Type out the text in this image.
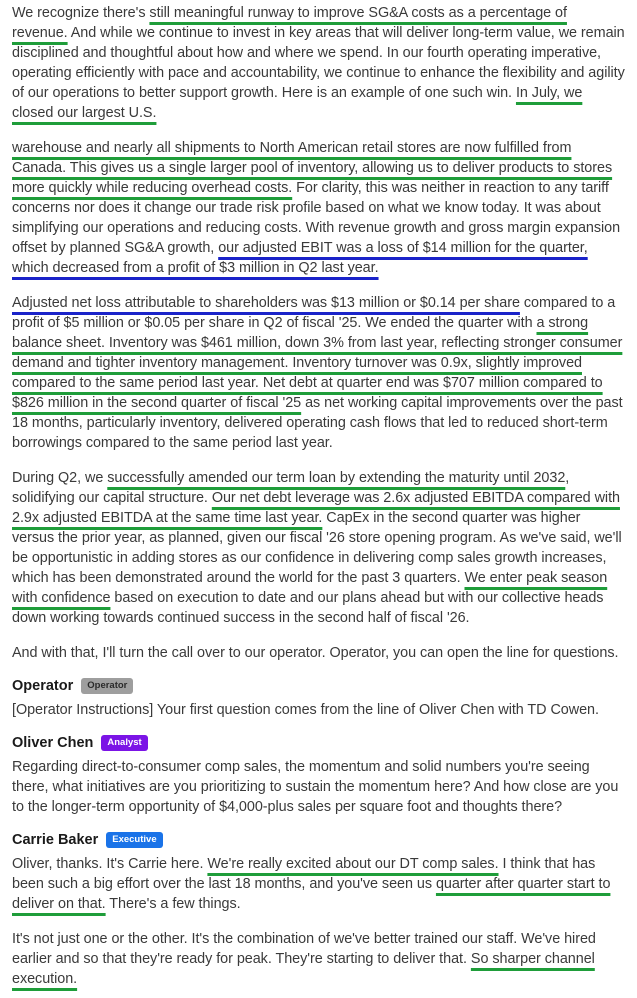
We recognize there's still meaningful runway to improve SG&A costs as a percentage of revenue. And while we continue to invest in key areas that will deliver long-term value, we remain disciplined and thoughtful about how and where we spend. In our fourth operating imperative, operating efficiently with pace and accountability, we continue to enhance the flexibility and agility of our operations to better support growth. Here is an example of one such win. In July, we closed our largest U.S.

warehouse and nearly all shipments to North American retail stores are now fulfilled from Canada. This gives us a single larger pool of inventory, allowing us to deliver products to stores more quickly while reducing overhead costs. For clarity, this was neither in reaction to any tariff concerns nor does it change our trade risk profile based on what we know today. It was about simplifying our operations and reducing costs. With revenue growth and gross margin expansion offset by planned SG&A growth, our adjusted EBIT was a loss of $14 million for the quarter, which decreased from a profit of $3 million in Q2 last year.

Adjusted net loss attributable to shareholders was $13 million or $0.14 per share compared to a profit of $5 million or $0.05 per share in Q2 of fiscal '25. We ended the quarter with a strong balance sheet. Inventory was $461 million, down 3% from last year, reflecting stronger consumer demand and tighter inventory management. Inventory turnover was 0.9x, slightly improved compared to the same period last year. Net debt at quarter end was $707 million compared to $826 million in the second quarter of fiscal '25 as net working capital improvements over the past 18 months, particularly inventory, delivered operating cash flows that led to reduced short-term borrowings compared to the same period last year.

During Q2, we successfully amended our term loan by extending the maturity until 2032, solidifying our capital structure. Our net debt leverage was 2.6x adjusted EBITDA compared with 2.9x adjusted EBITDA at the same time last year. CapEx in the second quarter was higher versus the prior year, as planned, given our fiscal '26 store opening program. As we've said, we'll be opportunistic in adding stores as our confidence in delivering comp sales growth increases, which has been demonstrated around the world for the past 3 quarters. We enter peak season with confidence based on execution to date and our plans ahead but with our collective heads down working towards continued success in the second half of fiscal '26.

And with that, I'll turn the call over to our operator. Operator, you can open the line for questions.

Operator	Operator

[Operator Instructions] Your first question comes from the line of Oliver Chen with TD Cowen.

Oliver Chen	Analyst

Regarding direct-to-consumer comp sales, the momentum and solid numbers you're seeing there, what initiatives are you prioritizing to sustain the momentum here? And how close are you to the longer-term opportunity of $4,000-plus sales per square foot and thoughts there?

Carrie Baker	Executive

Oliver, thanks. It's Carrie here. We're really excited about our DT comp sales. I think that has been such a big effort over the last 18 months, and you've seen us quarter after quarter start to deliver on that. There's a few things.

It's not just one or the other. It's the combination of we've better trained our staff. We've hired earlier and so that they're ready for peak. They're starting to deliver that. So sharper channel execution.
